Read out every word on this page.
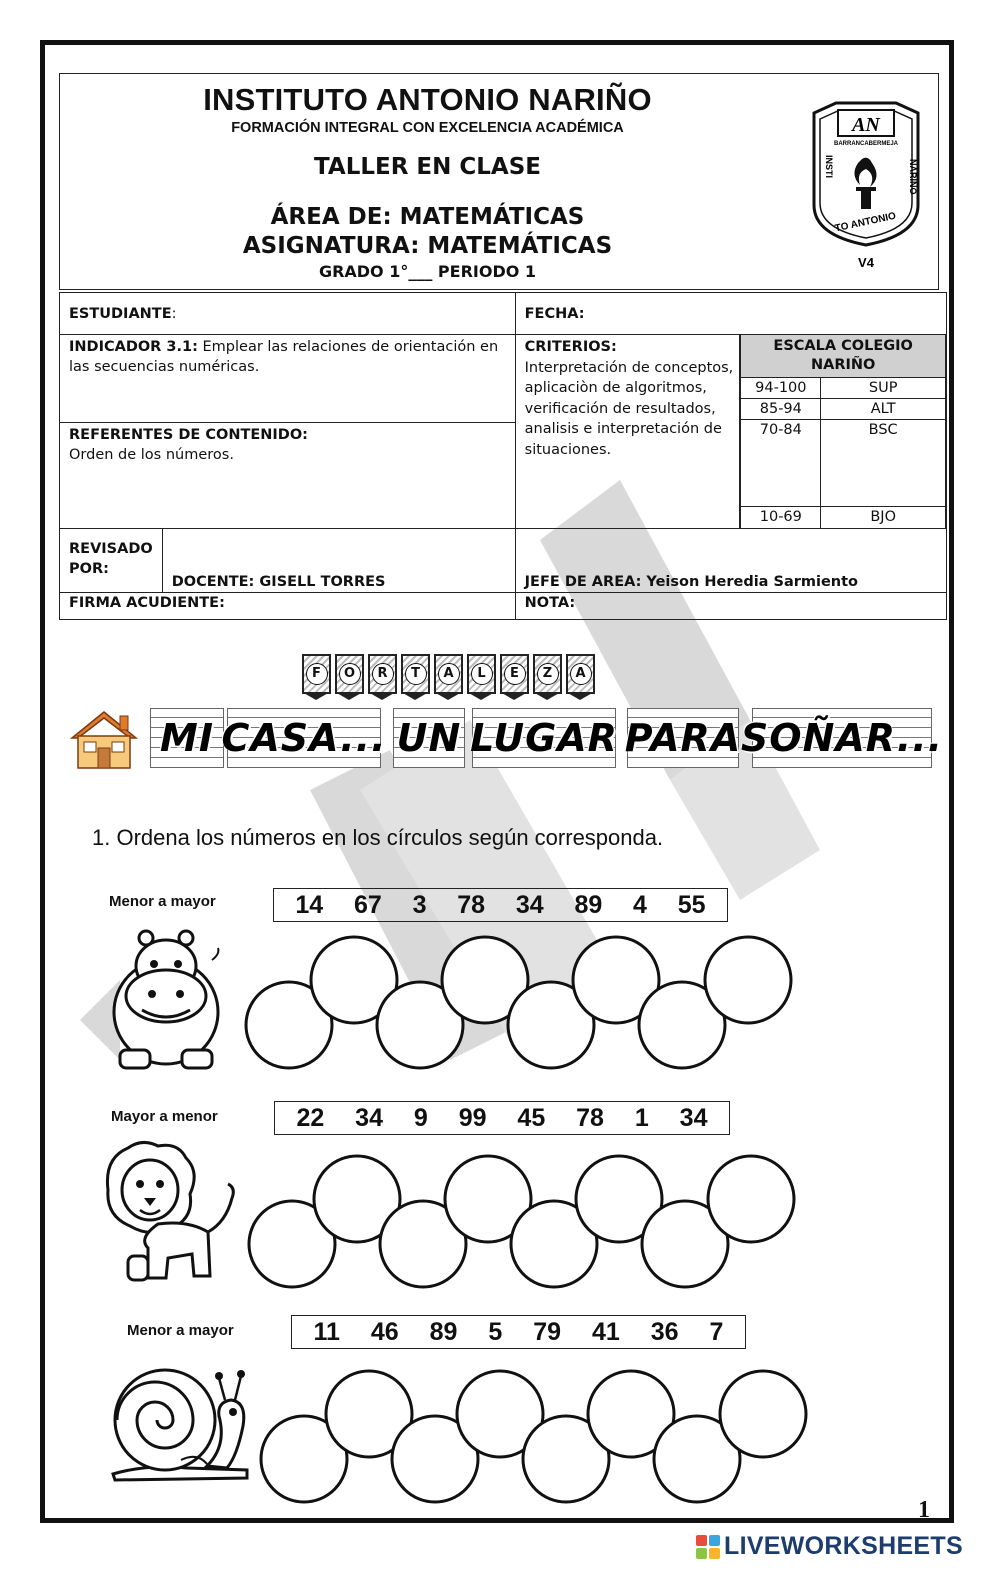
INSTITUTO ANTONIO NARIÑO
FORMACIÓN INTEGRAL CON EXCELENCIA ACADÉMICA
TALLER EN CLASE
ÁREA DE: MATEMÁTICAS
ASIGNATURA: MATEMÁTICAS
GRADO 1°___ PERIODO 1
AN
BARRANCABERMEJA
INSTI	NARIÑO
TO ANTONIO
V4
ESTUDIANTE:	FECHA:

INDICADOR 3.1: Emplear las relaciones de orientación en las secuencias numéricas.
REFERENTES DE CONTENIDO:
Orden de los números.

CRITERIOS:
Interpretación de conceptos, aplicaciòn de algoritmos, verificación de resultados, analisis e interpretación de situaciones.

ESCALA COLEGIO NARIÑO
94-100	SUP
85-94	ALT
70-84	BSC
10-69	BJO

REVISADO POR:	DOCENTE: GISELL TORRES	JEFE DE AREA: Yeison Heredia Sarmiento
FIRMA ACUDIENTE:	NOTA:
F	O	R	T	A	L	E	Z	A
MI CASA... UN LUGAR PARA SOÑAR...
1. Ordena los números en los círculos según corresponda.
Menor a mayor	14 67 3 78 34 89 4 55
Mayor a menor	22 34 9 99 45 78 1 34
Menor a mayor	11 46 89 5 79 41 36 7
1
LIVEWORKSHEETS
